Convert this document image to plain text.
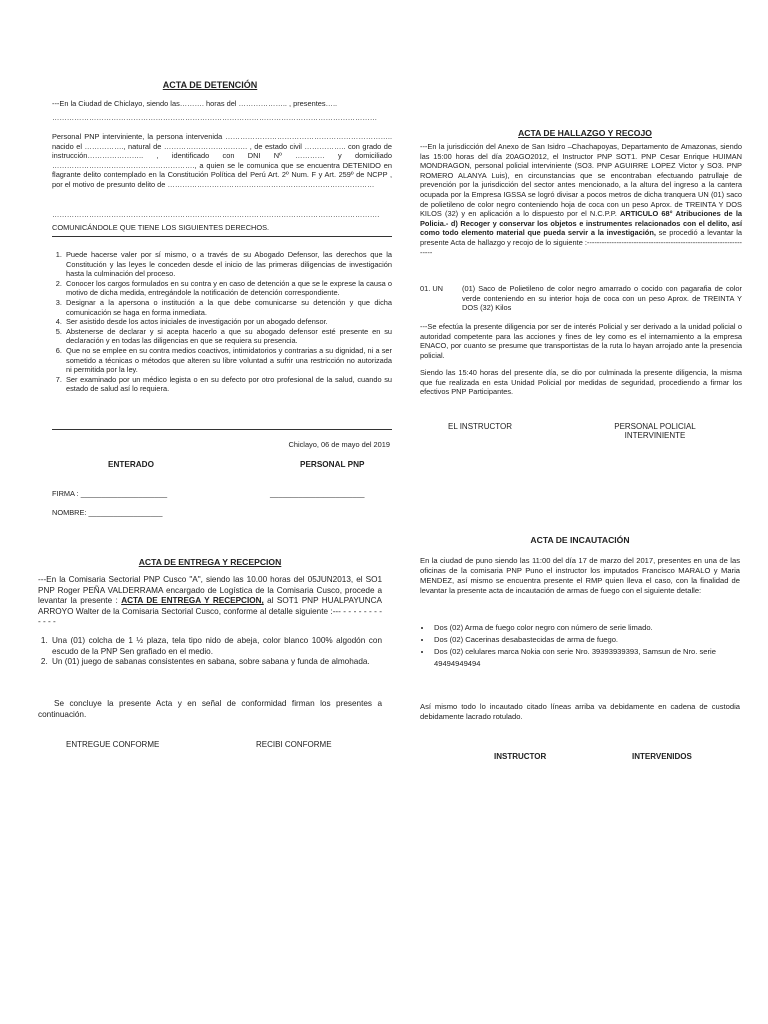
ACTA DE DETENCIÓN
---En la Ciudad de Chiclayo, siendo las………. horas del ……………….. , presentes…..
……………………………………………………………………………………………………………………
Personal PNP interviniente, la persona intervenida ………………………………………………………….. nacido el ……………., natural de ……………………………. , de estado civil …………….. con grado de instrucción………………….. , identificado con DNI Nº ………… y domiciliado …………………………………………………., a quien se le comunica que se encuentra DETENIDO en flagrante delito contemplado en la Constitución Política del Perú Art. 2º Num. F y Art. 259º de NCPP , por el motivo de presunto delito de …………………………………………………………………………
…………………………………………………………………………………………………………………….
COMUNICÁNDOLE QUE TIENE LOS SIGUIENTES DERECHOS.
1. Puede hacerse valer por sí mismo, o a través de su Abogado Defensor, las derechos que la Constitución y las leyes le conceden desde el inicio de las primeras diligencias de investigación hasta la culminación del proceso.
2. Conocer los cargos formulados en su contra y en caso de detención a que se le exprese la causa o motivo de dicha medida, entregándole la notificación de detención correspondiente.
3. Designar a la apersona o institución a la que debe comunicarse su detención y que dicha comunicación se haga en forma inmediata.
4. Ser asistido desde los actos iniciales de investigación por un abogado defensor.
5. Abstenerse de declarar y si acepta hacerlo a que su abogado defensor esté presente en su declaración y en todas las diligencias en que se requiera su presencia.
6. Que no se emplee en su contra medios coactivos, intimidatorios y contrarias a su dignidad, ni a ser sometido a técnicas o métodos que alteren su libre voluntad a sufrir una restricción no autorizada ni permitida por la ley.
7. Ser examinado por un médico legista o en su defecto por otro profesional de la salud, cuando su estado de salud así lo requiera.
Chiclayo, 06 de mayo del 2019
ENTERADO	PERSONAL PNP
FIRMA : _____________________	_______________________
NOMBRE: __________________
ACTA DE HALLAZGO Y RECOJO
---En la jurisdicción del Anexo de San Isidro –Chachapoyas, Departamento de Amazonas, siendo las 15:00 horas del día 20AGO2012, el Instructor PNP SOT1. PNP Cesar Enrique HUIMAN MONDRAGON, personal policial interviniente (SO3. PNP AGUIRRE LOPEZ Victor y SO3. PNP ROMERO ALANYA Luis), en circunstancias que se encontraban efectuando patrullaje de prevención por la jurisdicción del sector antes mencionado, a la altura del ingreso a la cantera ocupada por la Empresa IGSSA se logró divisar a pocos metros de dicha tranquera UN (01) saco de polietileno de color negro conteniendo hoja de coca con un peso Aprox. de TREINTA Y DOS KILOS (32) y en aplicación a lo dispuesto por el N.C.P.P. ARTICULO 68° Atribuciones de la Policia.- d) Recoger y conservar los objetos e instrumentes relacionados con el delito, así como todo elemento material que pueda servir a la investigación, se procedió a levantar la presente Acta de hallazgo y recojo de lo siguiente :--------------------------------------------------------------------
01. UN	(01) Saco de Polietileno de color negro amarrado o cocido con pagarafia de color verde conteniendo en su interior hoja de coca con un peso Aprox. de TREINTA Y DOS (32) Kilos
---Se efectúa la presente diligencia por ser de interés Policial y ser derivado a la unidad policial o autoridad competente para las acciones y fines de ley como es el internamiento a la empresa ENACO, por cuanto se presume que transportistas de la ruta lo hayan arrojado ante la presencia policial.
Siendo las 15:40 horas del presente día, se dio por culminada la presente diligencia, la misma que fue realizada en esta Unidad Policial por medidas de seguridad, procediendo a firmar los efectivos PNP Participantes.
EL INSTRUCTOR	PERSONAL POLICIAL
INTERVINIENTE
ACTA DE ENTREGA Y RECEPCION
---En la Comisaria Sectorial PNP Cusco "A", siendo las 10.00 horas del 05JUN2013, el SO1 PNP Roger PEÑA VALDERRAMA encargado de Logística de la Comisaria Cusco, procede a levantar la presente : ACTA DE ENTREGA Y RECEPCION, al SOT1 PNP HUALPAYUNCA ARROYO Walter de la Comisaria Sectorial Cusco, conforme al detalle siguiente :--- - - - - - - - - - - - -
1. Una (01) colcha de 1 ½ plaza, tela tipo nido de abeja, color blanco 100% algodón con escudo de la PNP Sen grafiado en el medio.
2. Un (01) juego de sabanas consistentes en sabana, sobre sabana y funda de almohada.
Se concluye la presente Acta y en señal de conformidad firman los presentes a continuación.
ENTREGUE CONFORME	RECIBI CONFORME
ACTA DE INCAUTACIÓN
En la ciudad de puno siendo las 11:00 del día 17 de marzo del 2017, presentes en una de las oficinas de la comisaria PNP Puno el instructor los imputados Francisco MARALO y Maria MENDEZ, así mismo se encuentra presente el RMP quien lleva el caso, con la finalidad de levantar la presente acta de incautación de armas de fuego con el siguiente detalle:
• Dos (02) Arma de fuego color negro con número de serie limado.
• Dos (02) Cacerinas desabastecidas de arma de fuego.
• Dos (02) celulares marca Nokia con serie Nro. 39393939393, Samsun de Nro. serie 49494949494
Así mismo todo lo incautado citado líneas arriba va debidamente en cadena de custodia debidamente lacrado rotulado.
INSTRUCTOR	INTERVENIDOS
